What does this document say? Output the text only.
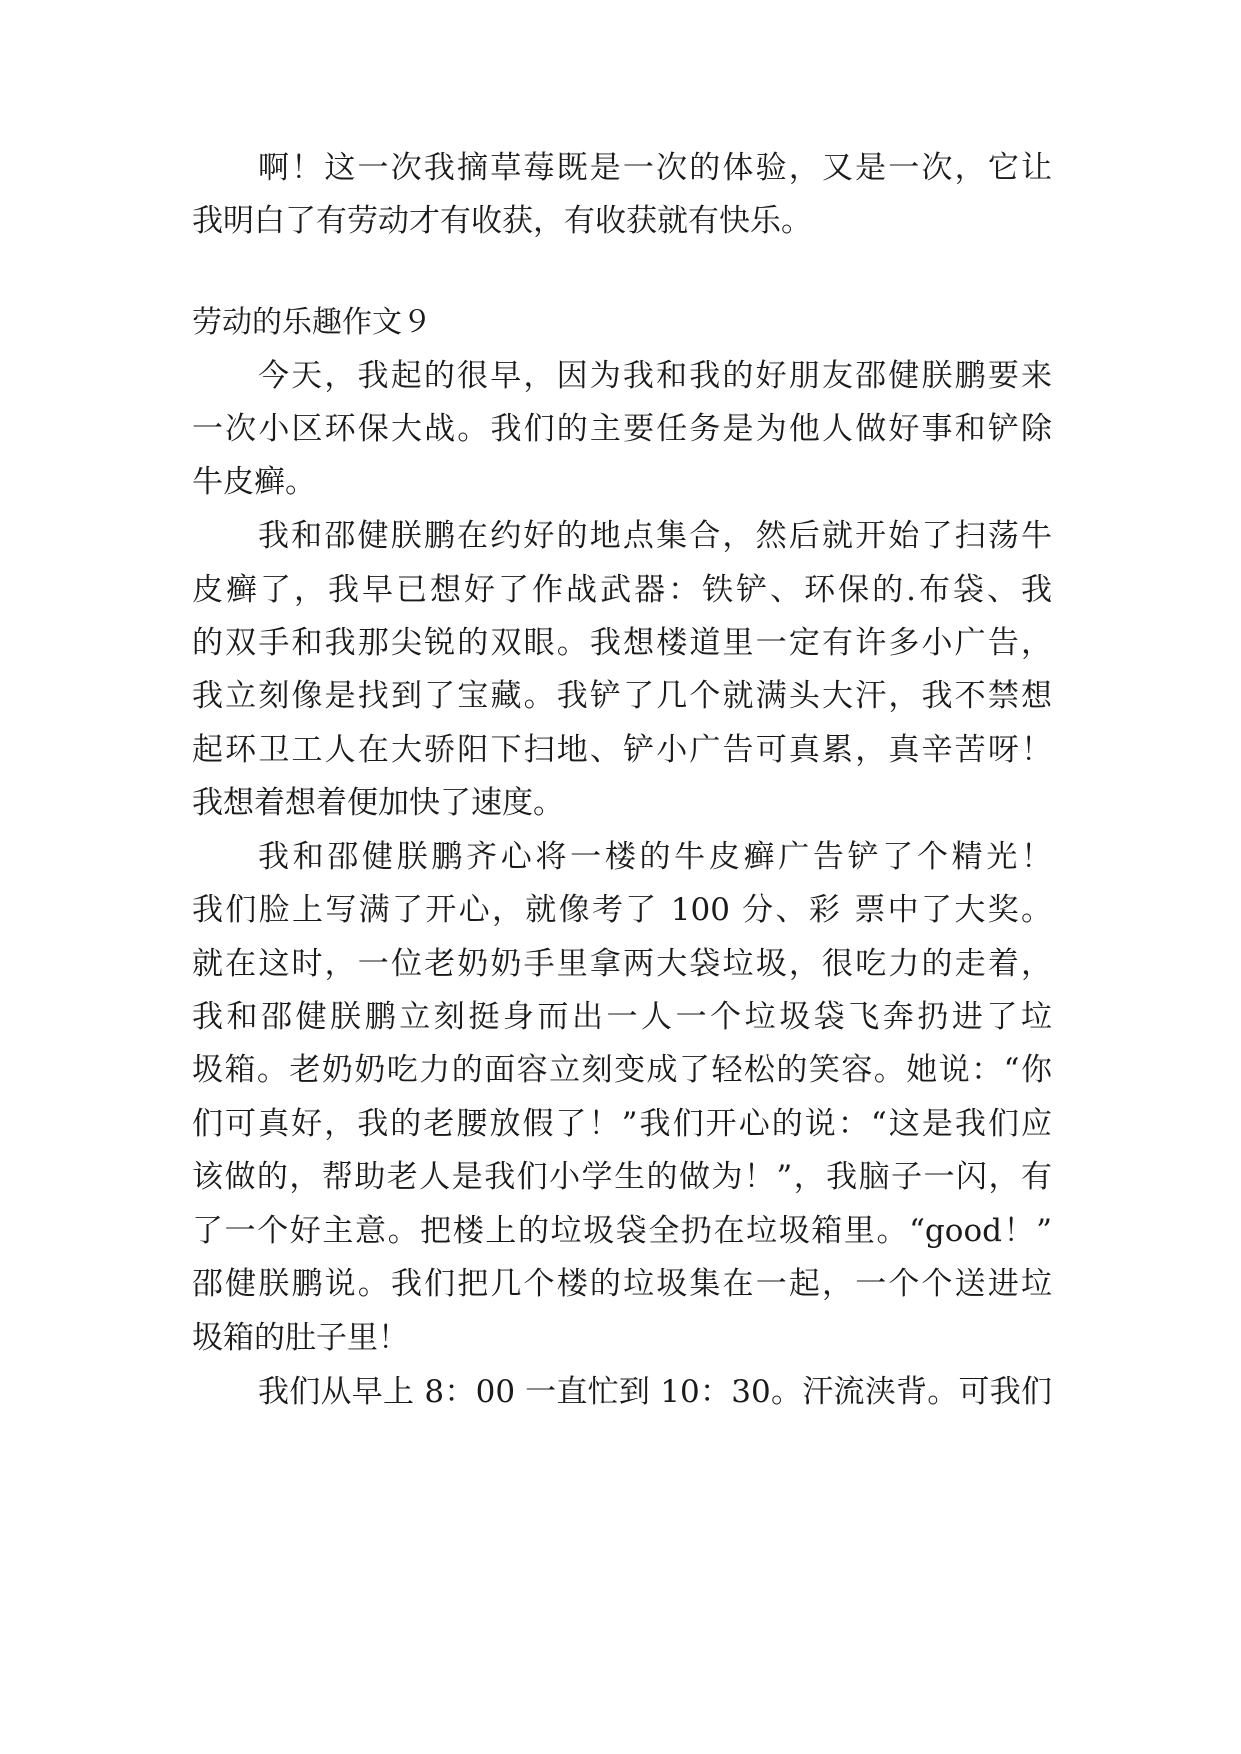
啊！这一次我摘草莓既是一次的体验，又是一次，它让
我明白了有劳动才有收获，有收获就有快乐。
劳动的乐趣作文９
今天，我起的很早，因为我和我的好朋友邵健朕鹏要来
一次小区环保大战。我们的主要任务是为他人做好事和铲除
牛皮癣。
我和邵健朕鹏在约好的地点集合，然后就开始了扫荡牛
皮癣了，我早已想好了作战武器：铁铲、环保的.布袋、我
的双手和我那尖锐的双眼。我想楼道里一定有许多小广告，
我立刻像是找到了宝藏。我铲了几个就满头大汗，我不禁想
起环卫工人在大骄阳下扫地、铲小广告可真累，真辛苦呀！
我想着想着便加快了速度。
我和邵健朕鹏齐心将一楼的牛皮癣广告铲了个精光！
我们脸上写满了开心，就像考了 100 分、彩 票中了大奖。
就在这时，一位老奶奶手里拿两大袋垃圾，很吃力的走着，
我和邵健朕鹏立刻挺身而出一人一个垃圾袋飞奔扔进了垃
圾箱。老奶奶吃力的面容立刻变成了轻松的笑容。她说：“你
们可真好，我的老腰放假了！”我们开心的说：“这是我们应
该做的，帮助老人是我们小学生的做为！”，我脑子一闪，有
了一个好主意。把楼上的垃圾袋全扔在垃圾箱里。“good！”
邵健朕鹏说。我们把几个楼的垃圾集在一起，一个个送进垃
圾箱的肚子里！
我们从早上 8：00 一直忙到 10：30。汗流浃背。可我们
